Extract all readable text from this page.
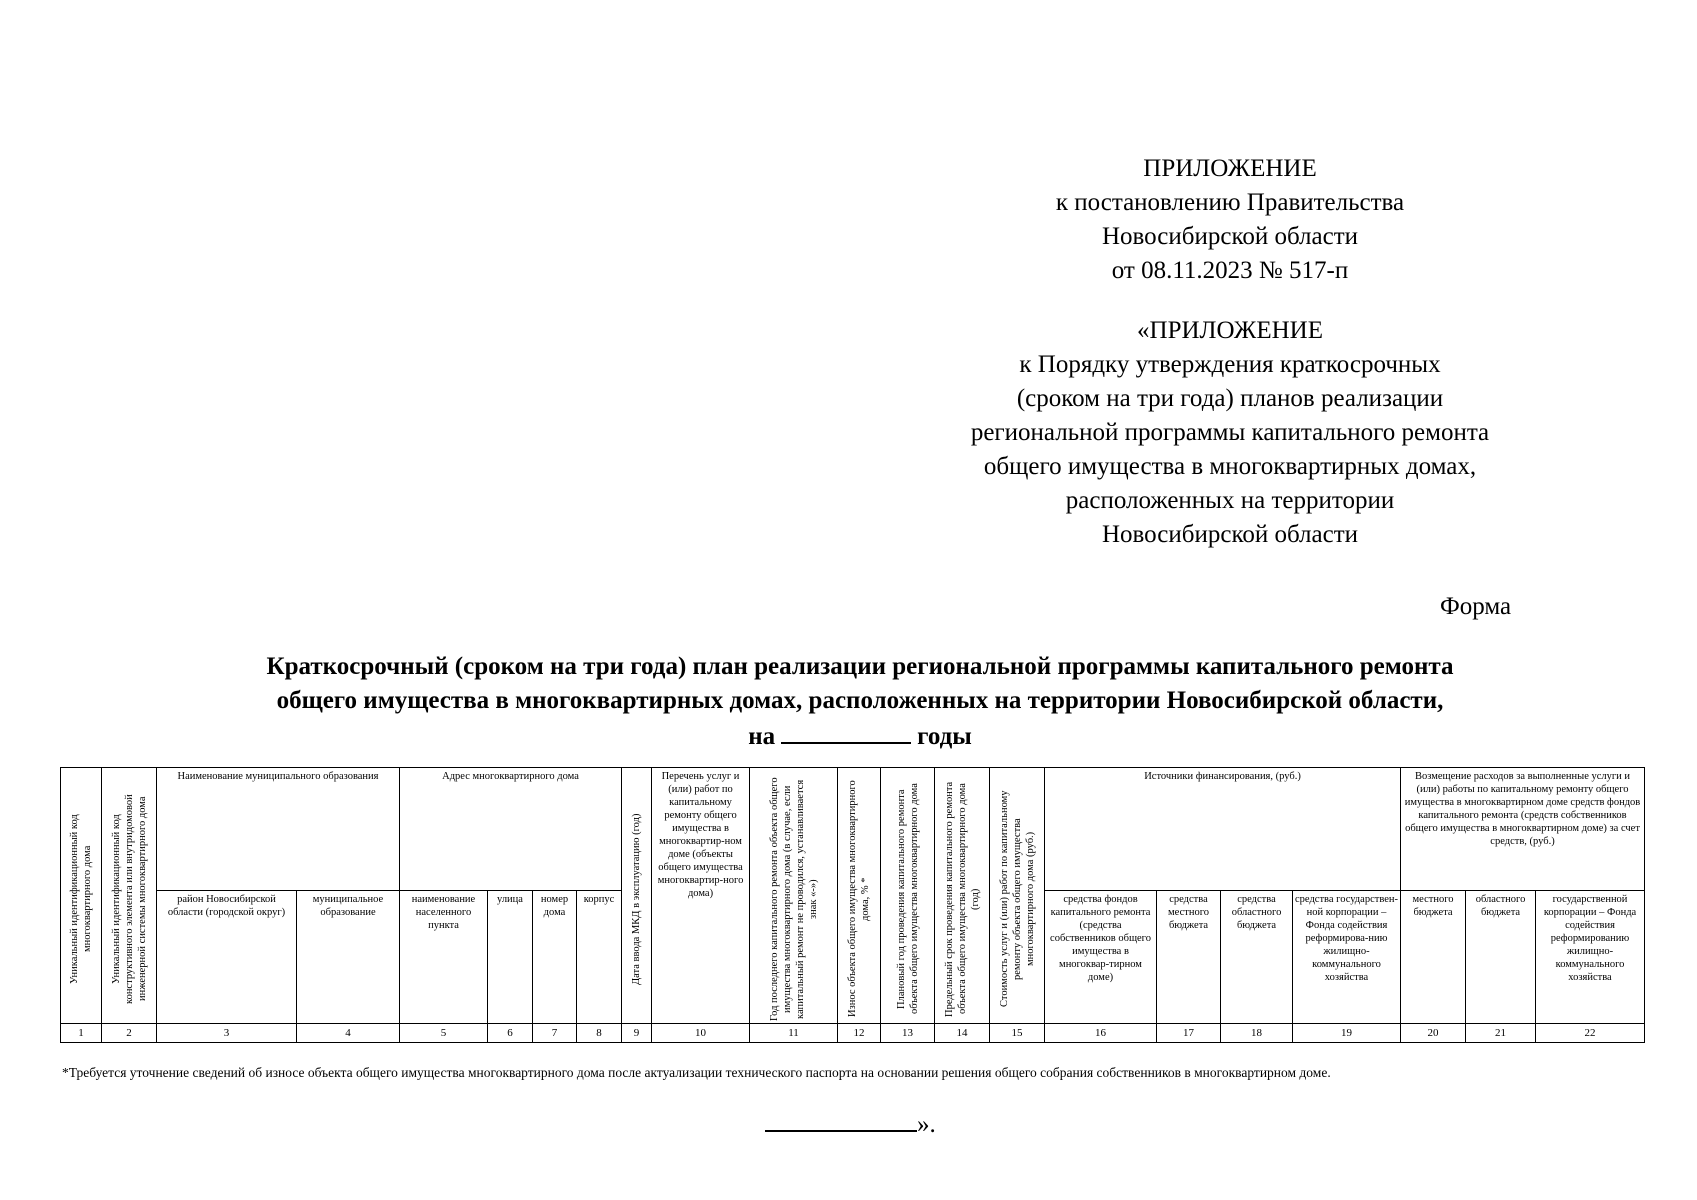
ПРИЛОЖЕНИЕ

к постановлению Правительства

Новосибирской области

от 08.11.2023 № 517-п

«ПРИЛОЖЕНИЕ

к Порядку утверждения краткосрочных

(сроком на три года) планов реализации

региональной программы капитального ремонта

общего имущества в многоквартирных домах,

расположенных на территории

Новосибирской области

Форма

Краткосрочный (сроком на три года) план реализации региональной программы капитального ремонта

общего имущества в многоквартирных домах, расположенных на территории Новосибирской области,

на	годы

Уникальный идентификационный код многоквартирного дома	Уникальный идентификационный код конструктивного элемента или внутридомовой инженерной системы многоквартирного дома	Наименование муниципального образования		Адрес многоквартирного дома				Дата ввода МКД в эксплуатацию (год)	Перечень услуг и (или) работ по капитальному ремонту общего имущества в многоквартир-ном доме (объекты общего имущества многоквартир-ного дома)	Год последнего капитального ремонта объекта общего имущества многоквартирного дома (в случае, если капитальный ремонт не проводился, устанавливается знак «-»)	Износ объекта общего имущества многоквартирного дома, % *	Плановый год проведения капитального ремонта объекта общего имущества многоквартирного дома	Предельный срок проведения капитального ремонта объекта общего имущества многоквартирного дома (год)	Стоимость услуг и (или) работ по капитальному ремонту объекта общего имущества многоквартирного дома (руб.)	Источники финансирования, (руб.)				Возмещение расходов за выполненные услуги и (или) работы по капитальному ремонту общего имущества в многоквартирном доме средств фондов капитального ремонта (средств собственников общего имущества в многоквартирном доме) за счет средств, (руб.)		
		район Новосибирской области (городской округ)	муниципальное образование	наименование населенного пункта	улица	номер дома	корпус								средства фондов капитального ремонта (средства собственников общего имущества в многоквар-тирном доме)	средства местного бюджета	средства областного бюджета	средства государствен-ной корпорации – Фонда содействия реформирова-нию жилищно-коммунального хозяйства	местного бюджета	областного бюджета	государственной корпорации – Фонда содействия реформированию жилищно-коммунального хозяйства
1	2	3	4	5	6	7	8	9	10	11	12	13	14	15	16	17	18	19	20	21	22
*Требуется уточнение сведений об износе объекта общего имущества многоквартирного дома после актуализации технического паспорта на основании решения общего собрания собственников в многоквартирном доме.
».
